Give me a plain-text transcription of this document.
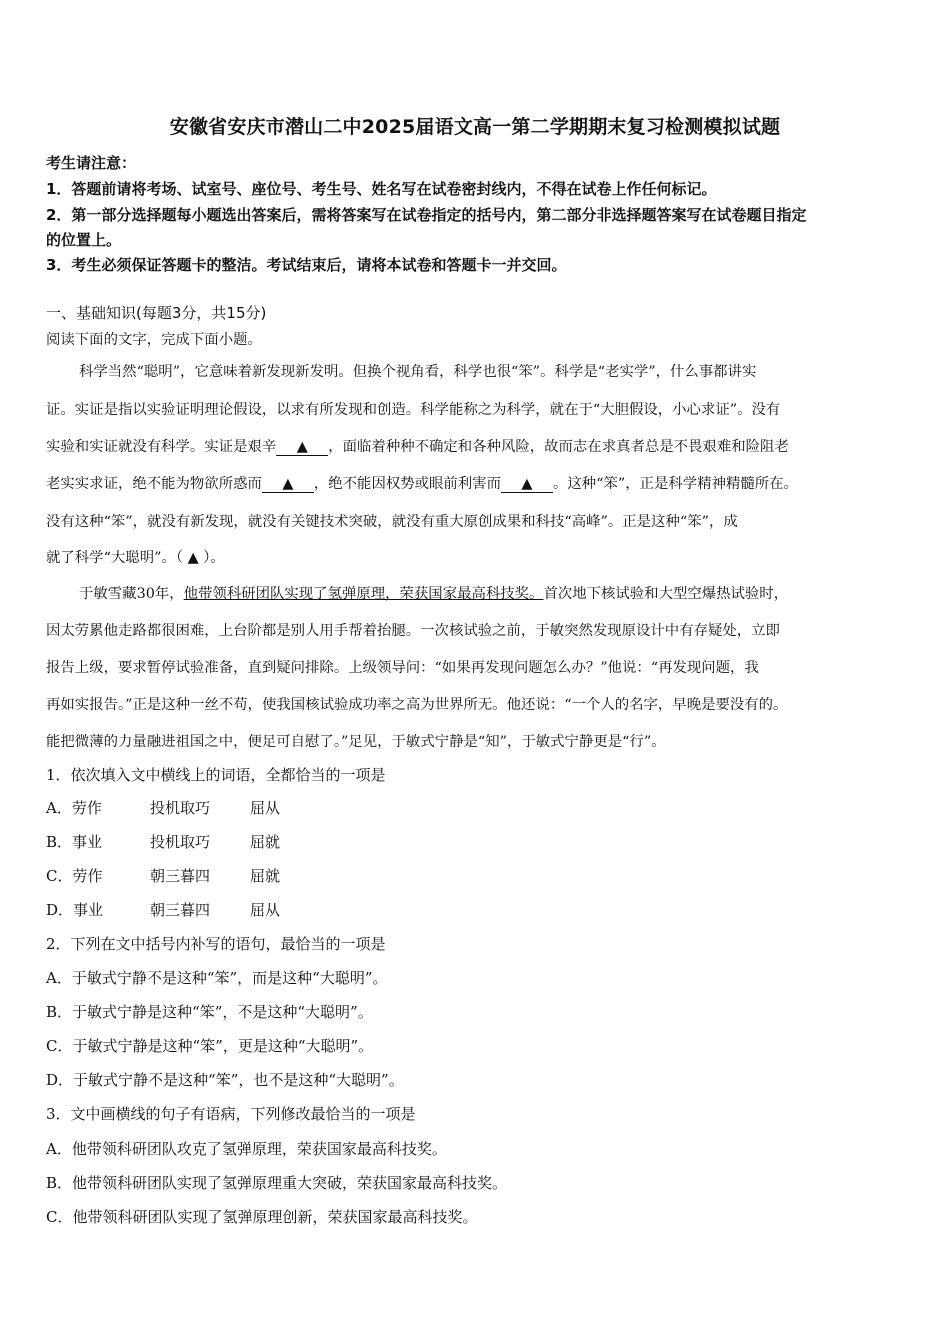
安徽省安庆市潜山二中2025届语文高一第二学期期末复习检测模拟试题
考生请注意：
1．答题前请将考场、试室号、座位号、考生号、姓名写在试卷密封线内，不得在试卷上作任何标记。
2．第一部分选择题每小题选出答案后，需将答案写在试卷指定的括号内，第二部分非选择题答案写在试卷题目指定
的位置上。
3．考生必须保证答题卡的整洁。考试结束后，请将本试卷和答题卡一并交回。
一、基础知识(每题3分，共15分)
阅读下面的文字，完成下面小题。
科学当然“聪明”，它意味着新发现新发明。但换个视角看，科学也很“笨”。科学是“老实学”，什么事都讲实
证。实证是指以实验证明理论假设，以求有所发现和创造。科学能称之为科学，就在于“大胆假设，小心求证”。没有
实验和实证就没有科学。实证是艰辛 ▲ ，面临着种种不确定和各种风险，故而志在求真者总是不畏艰难和险阻老
老实实求证，绝不能为物欲所惑而 ▲ ，绝不能因权势或眼前利害而 ▲ 。这种“笨”，正是科学精神精髓所在。
没有这种“笨”，就没有新发现，就没有关键技术突破，就没有重大原创成果和科技“高峰”。正是这种“笨”，成
就了科学“大聪明”。（ ▲ ）。
于敏雪藏30年，他带领科研团队实现了氢弹原理，荣获国家最高科技奖。首次地下核试验和大型空爆热试验时，
因太劳累他走路都很困难，上台阶都是别人用手帮着抬腿。一次核试验之前，于敏突然发现原设计中有存疑处，立即
报告上级，要求暂停试验准备，直到疑问排除。上级领导问：“如果再发现问题怎么办？”他说：“再发现问题，我
再如实报告。”正是这种一丝不苟，使我国核试验成功率之高为世界所无。他还说：“一个人的名字，早晚是要没有的。
能把微薄的力量融进祖国之中，便足可自慰了。”足见，于敏式宁静是“知”，于敏式宁静更是“行”。
1．依次填入文中横线上的词语，全都恰当的一项是
A．劳作	投机取巧	屈从
B．事业	投机取巧	屈就
C．劳作	朝三暮四	屈就
D．事业	朝三暮四	屈从
2．下列在文中括号内补写的语句，最恰当的一项是
A．于敏式宁静不是这种“笨”，而是这种“大聪明”。
B．于敏式宁静是这种“笨”，不是这种“大聪明”。
C．于敏式宁静是这种“笨”，更是这种“大聪明”。
D．于敏式宁静不是这种“笨”，也不是这种“大聪明”。
3．文中画横线的句子有语病，下列修改最恰当的一项是
A．他带领科研团队攻克了氢弹原理，荣获国家最高科技奖。
B．他带领科研团队实现了氢弹原理重大突破，荣获国家最高科技奖。
C．他带领科研团队实现了氢弹原理创新，荣获国家最高科技奖。
